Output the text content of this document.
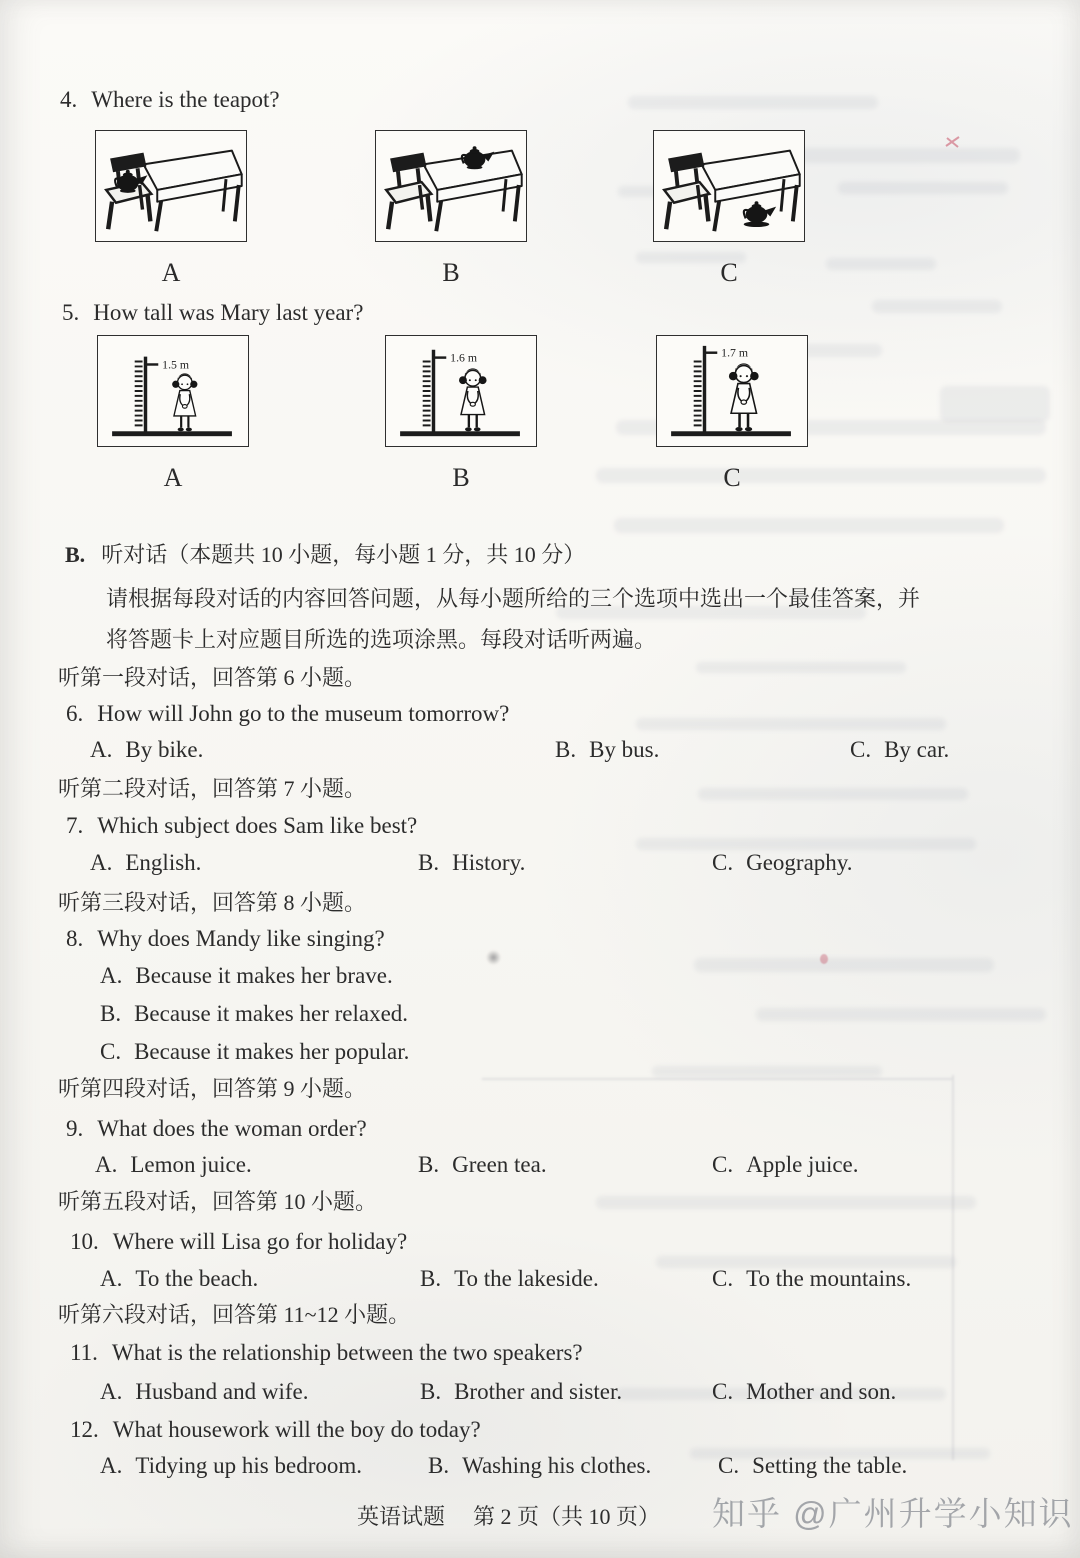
4. Where is the teapot?
A	B	C
5. How tall was Mary last year?
1.5 m
A
1.6 m
B
1.7 m
C
B. 听对话（本题共 10 小题，每小题 1 分，共 10 分）
请根据每段对话的内容回答问题，从每小题所给的三个选项中选出一个最佳答案，并
将答题卡上对应题目所选的选项涂黑。每段对话听两遍。
听第一段对话，回答第 6 小题。
6. How will John go to the museum tomorrow?
A. By bike.	B. By bus.	C. By car.
听第二段对话，回答第 7 小题。
7. Which subject does Sam like best?
A. English.	B. History.	C. Geography.
听第三段对话，回答第 8 小题。
8. Why does Mandy like singing?
A. Because it makes her brave.
B. Because it makes her relaxed.
C. Because it makes her popular.
听第四段对话，回答第 9 小题。
9. What does the woman order?
A. Lemon juice.	B. Green tea.	C. Apple juice.
听第五段对话，回答第 10 小题。
10. Where will Lisa go for holiday?
A. To the beach.	B. To the lakeside.	C. To the mountains.
听第六段对话，回答第 11~12 小题。
11. What is the relationship between the two speakers?
A. Husband and wife.	B. Brother and sister.	C. Mother and son.
12. What housework will the boy do today?
A. Tidying up his bedroom.	B. Washing his clothes.	C. Setting the table.
英语试题 第 2 页（共 10 页） 知乎 @广州升学小知识
